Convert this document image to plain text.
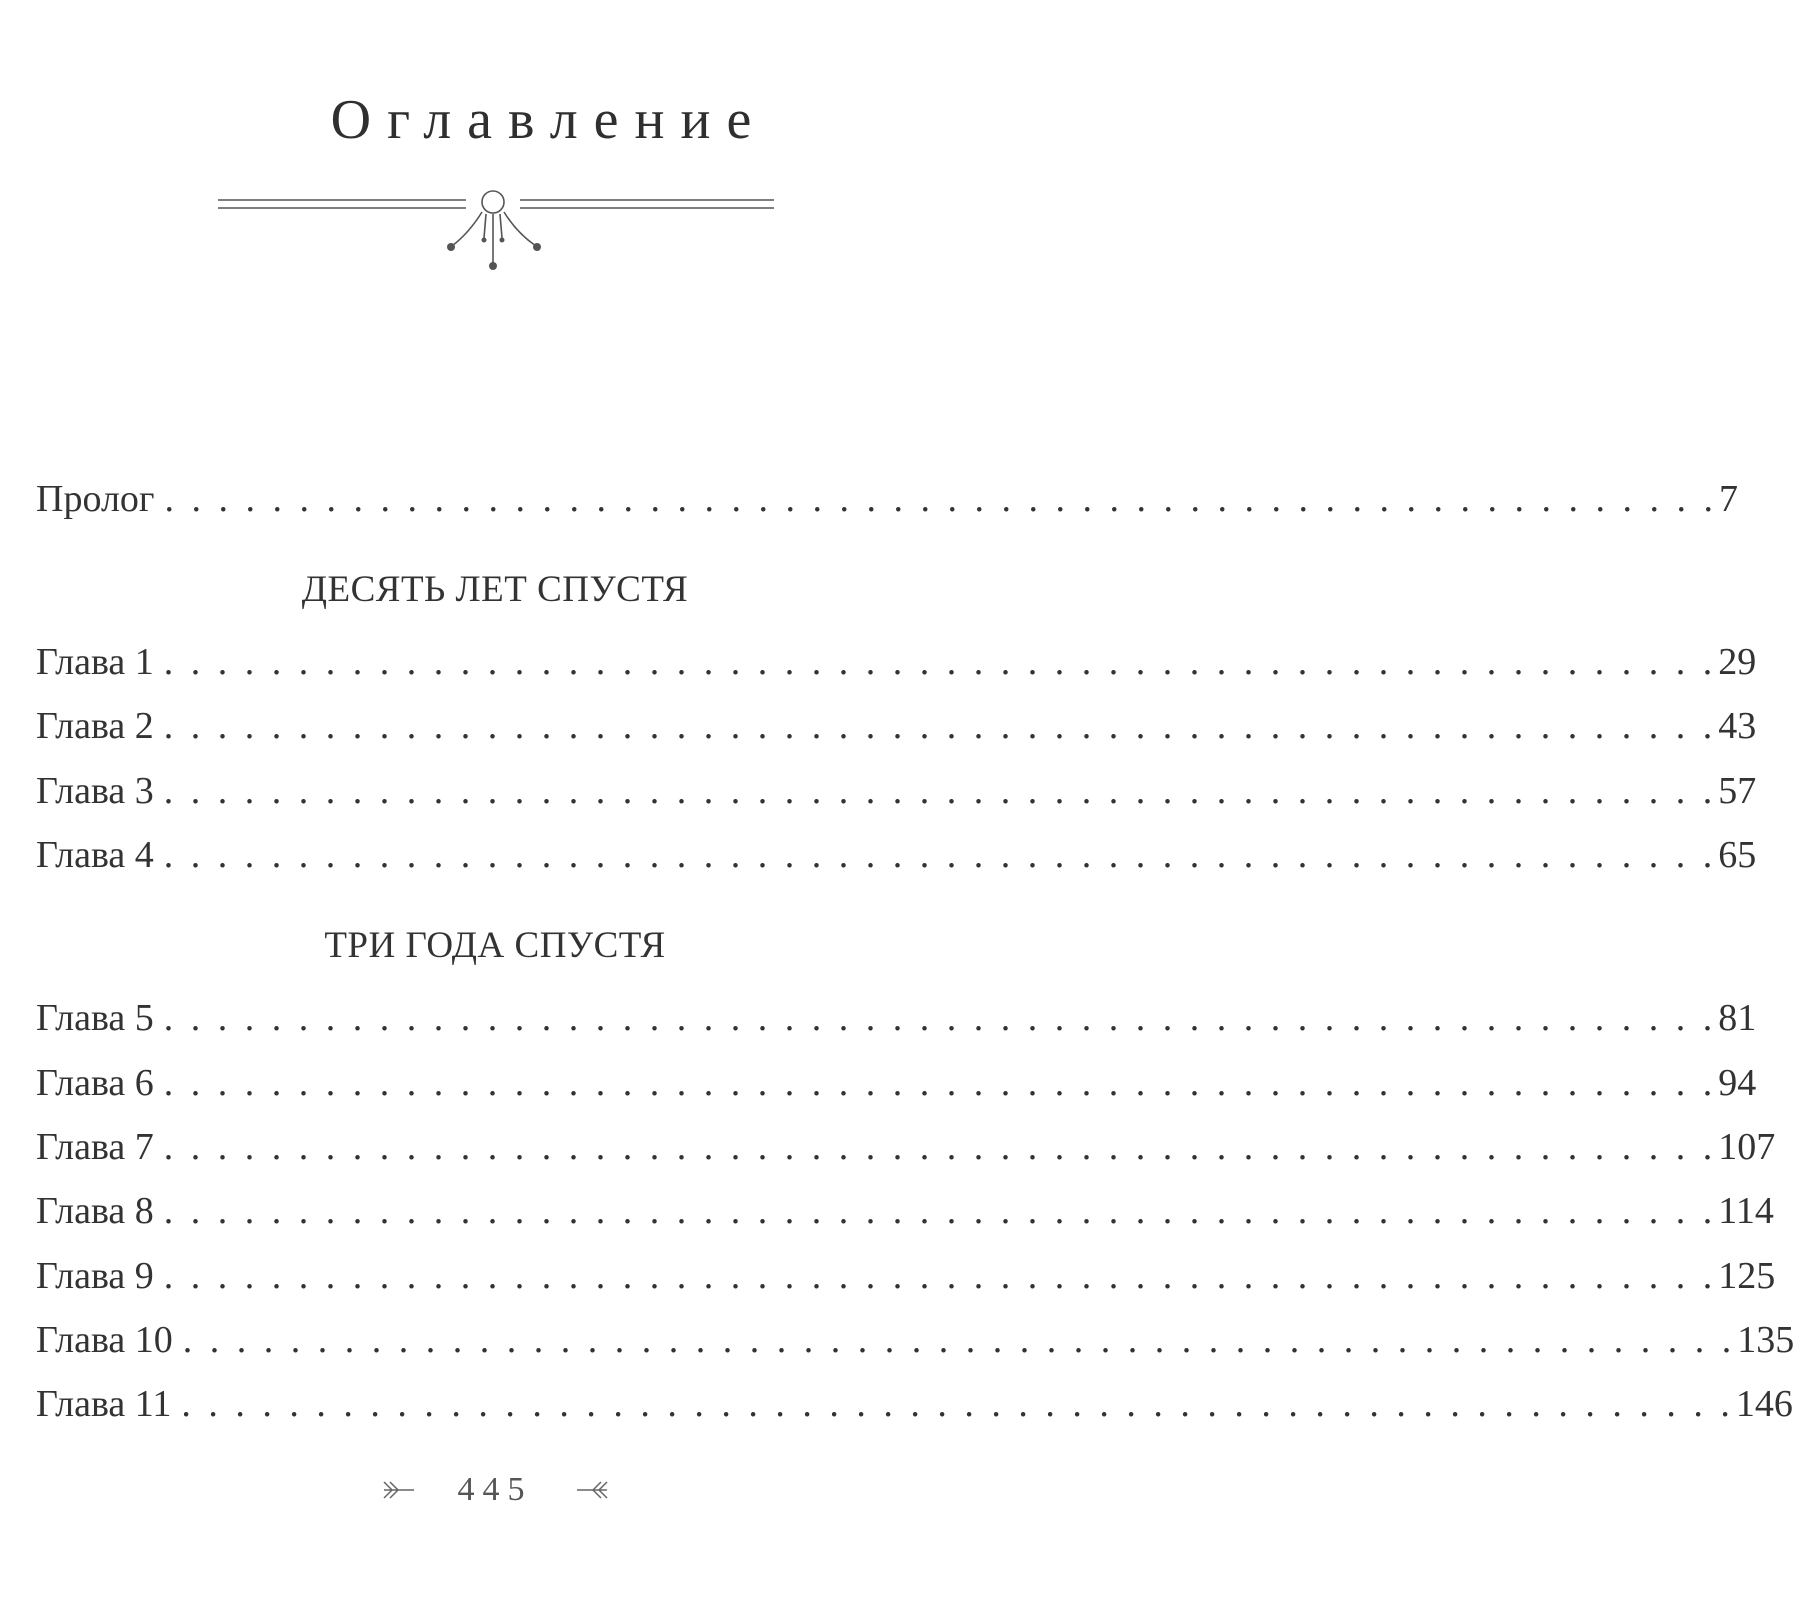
Оглавление
Пролог . . . . . . . . . . . . . . . . . . . . . . . . . . . . . . . . . . . . . . . . . . . . . . . . . . . . . . . . . . 7
ДЕСЯТЬ ЛЕТ СПУСТЯ
Глава 1 . . . . . . . . . . . . . . . . . . . . . . . . . . . . . . . . . . . . . . . . . . . . . . . . . . . . . . . . . . 29
Глава 2 . . . . . . . . . . . . . . . . . . . . . . . . . . . . . . . . . . . . . . . . . . . . . . . . . . . . . . . . . . 43
Глава 3 . . . . . . . . . . . . . . . . . . . . . . . . . . . . . . . . . . . . . . . . . . . . . . . . . . . . . . . . . . 57
Глава 4 . . . . . . . . . . . . . . . . . . . . . . . . . . . . . . . . . . . . . . . . . . . . . . . . . . . . . . . . . . 65
ТРИ ГОДА СПУСТЯ
Глава 5 . . . . . . . . . . . . . . . . . . . . . . . . . . . . . . . . . . . . . . . . . . . . . . . . . . . . . . . . . . 81
Глава 6 . . . . . . . . . . . . . . . . . . . . . . . . . . . . . . . . . . . . . . . . . . . . . . . . . . . . . . . . . . 94
Глава 7 . . . . . . . . . . . . . . . . . . . . . . . . . . . . . . . . . . . . . . . . . . . . . . . . . . . . . . . . . . 107
Глава 8 . . . . . . . . . . . . . . . . . . . . . . . . . . . . . . . . . . . . . . . . . . . . . . . . . . . . . . . . . . 114
Глава 9 . . . . . . . . . . . . . . . . . . . . . . . . . . . . . . . . . . . . . . . . . . . . . . . . . . . . . . . . . . 125
Глава 10 . . . . . . . . . . . . . . . . . . . . . . . . . . . . . . . . . . . . . . . . . . . . . . . . . . . . . . . . . . 135
Глава 11 . . . . . . . . . . . . . . . . . . . . . . . . . . . . . . . . . . . . . . . . . . . . . . . . . . . . . . . . . . 146
445
